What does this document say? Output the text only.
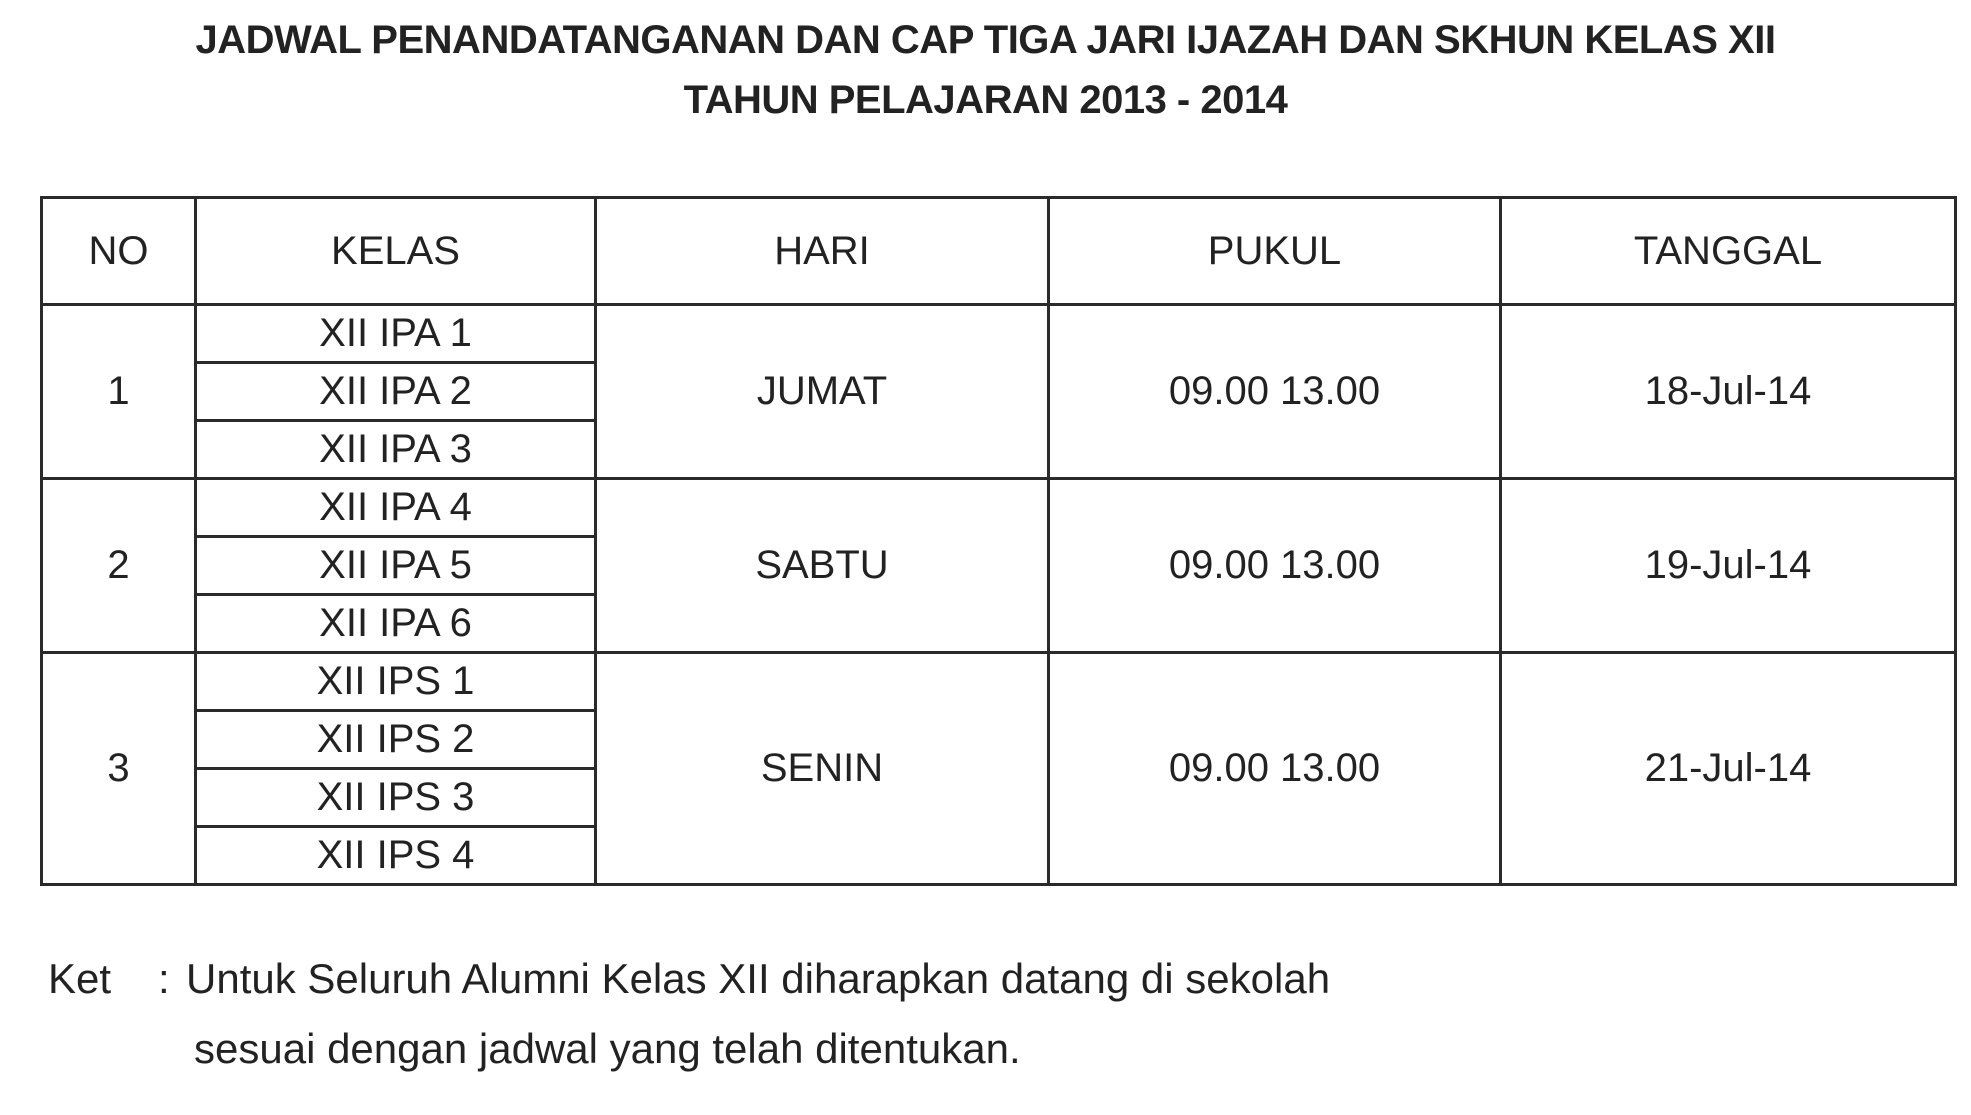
JADWAL PENANDATANGANAN DAN CAP TIGA JARI IJAZAH DAN SKHUN KELAS XII
TAHUN PELAJARAN 2013 - 2014
NO	KELAS	HARI	PUKUL	TANGGAL
1	XII IPA 1	JUMAT	09.00 13.00	18-Jul-14
	XII IPA 2			
	XII IPA 3			
2	XII IPA 4	SABTU	09.00 13.00	19-Jul-14
	XII IPA 5			
	XII IPA 6			
3	XII IPS 1	SENIN	09.00 13.00	21-Jul-14
	XII IPS 2			
	XII IPS 3			
	XII IPS 4			
Ket : Untuk Seluruh Alumni Kelas XII diharapkan datang di sekolah
sesuai dengan jadwal yang telah ditentukan.
